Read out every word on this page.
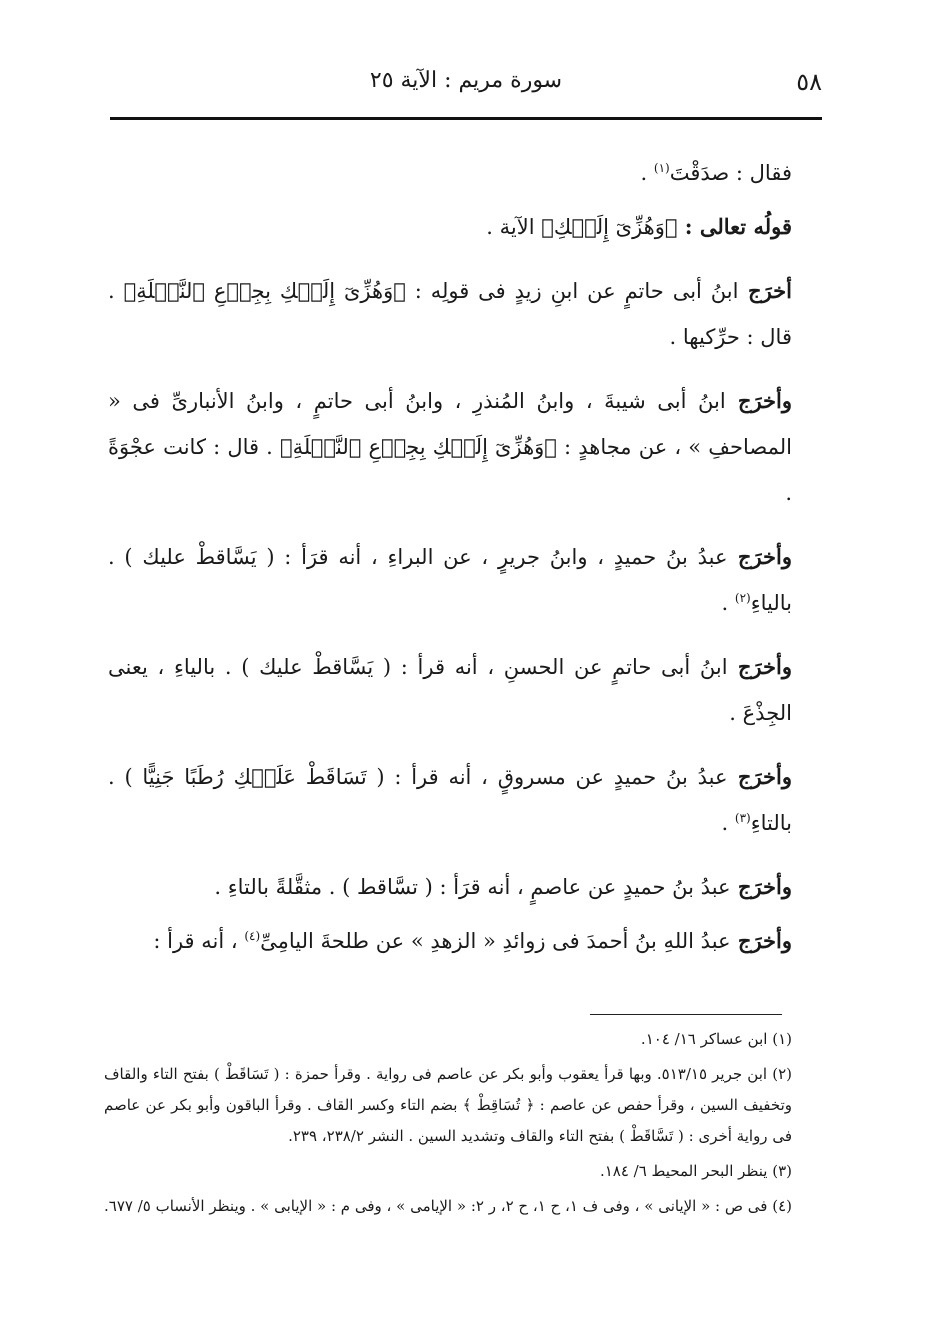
٥٨
سورة مريم : الآية ٢٥

فقال : صدَقْتَ$^{(١)}$ .

قولُه تعالى : ﴿وَهُزِّىٓ إِلَيۡكِ﴾ الآية .

أخرَج ابنُ أبى حاتمٍ عن ابنِ زيدٍ فى قولِه : ﴿وَهُزِّىٓ إِلَيۡكِ بِجِذۡعِ ٱلنَّخۡلَةِ﴾ . قال : حرِّكيها .

وأخرَج ابنُ أبى شيبةَ ، وابنُ المُنذرِ ، وابنُ أبى حاتمٍ ، وابنُ الأنبارىِّ فى « المصاحفِ » ، عن مجاهدٍ : ﴿وَهُزِّىٓ إِلَيۡكِ بِجِذۡعِ ٱلنَّخۡلَةِ﴾ . قال : كانت عجْوَةً .

وأخرَج عبدُ بنُ حميدٍ ، وابنُ جريرٍ ، عن البراءِ ، أنه قرَأ : ( يَسَّاقطْ عليك ) . بالياءِ$^{(٢)}$ .

وأخرَج ابنُ أبى حاتمٍ عن الحسنِ ، أنه قرأ : ( يَسَّاقطْ عليك ) . بالياءِ ، يعنى الجِذْعَ .

وأخرَج عبدُ بنُ حميدٍ عن مسروقٍ ، أنه قرأ : ( تَسَاقَطْ عَلَيۡكِ رُطَبًا جَنِيًّا ) . بالتاءِ$^{(٣)}$ .

وأخرَج عبدُ بنُ حميدٍ عن عاصمٍ ، أنه قرَأ : ( تسَّاقط ) . مثقَّلةً بالتاءِ .

وأخرَج عبدُ اللهِ بنُ أحمدَ فى زوائدِ « الزهدِ » عن طلحةَ اليامِىِّ$^{(٤)}$ ، أنه قرأ :

(١) ابن عساكر ١٦/ ١٠٤.

(٢) ابن جرير ٥١٣/١٥. وبها قرأ يعقوب وأبو بكر عن عاصم فى رواية . وقرأ حمزة : ( تَسَاقَطْ ) بفتح التاء والقاف وتخفيف السين ، وقرأ حفص عن عاصم : ﴿ تُسَاقِطْ ﴾ بضم التاء وكسر القاف . وقرأ الباقون وأبو بكر عن عاصم فى رواية أخرى : ( تَسَّاقَطْ ) بفتح التاء والقاف وتشديد السين . النشر ٢٣٨/٢، ٢٣٩.

(٣) ينظر البحر المحيط ٦/ ١٨٤.

(٤) فى ص : « الإيانى » ، وفى ف ١، ح ١، ح ٢، ر ٢: « الإيامى » ، وفى م : « الإيابى » . وينظر الأنساب ٥/ ٦٧٧.
